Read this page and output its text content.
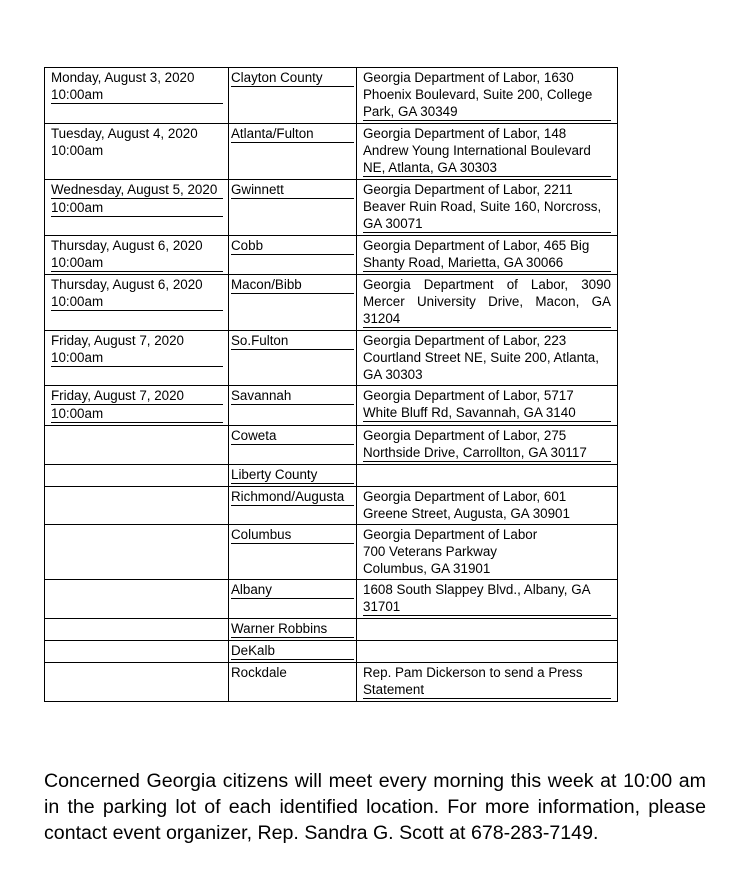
Monday, August 3, 2020

10:00am	Clayton County	Georgia Department of Labor, 1630 Phoenix Boulevard, Suite 200, College Park, GA 30349

Tuesday, August 4, 2020
10:00am	Atlanta/Fulton	Georgia Department of Labor, 148 Andrew Young International Boulevard NE, Atlanta, GA 30303

Wednesday, August 5, 2020
10:00am	Gwinnett	Georgia Department of Labor, 2211 Beaver Ruin Road, Suite 160, Norcross, GA 30071

Thursday, August 6, 2020

10:00am	Cobb	Georgia Department of Labor, 465 Big Shanty Road, Marietta, GA 30066

Thursday, August 6, 2020

10:00am	Macon/Bibb	Georgia Department of Labor, 3090 Mercer University Drive, Macon, GA 31204

Friday, August 7, 2020

10:00am	So.Fulton	Georgia Department of Labor, 223 Courtland Street NE, Suite 200, Atlanta, GA 30303

Friday, August 7, 2020
10:00am	Savannah	Georgia Department of Labor, 5717 White Bluff Rd, Savannah, GA 3140

	Coweta	Georgia Department of Labor, 275 Northside Drive, Carrollton, GA 30117

	Liberty County	

	Richmond/Augusta	Georgia Department of Labor, 601 Greene Street, Augusta, GA 30901

	Columbus	Georgia Department of Labor
700 Veterans Parkway
Columbus, GA 31901

	Albany	1608 South Slappey Blvd., Albany, GA 31701

	Warner Robbins	

	DeKalb	

	Rockdale	Rep. Pam Dickerson to send a Press Statement

Concerned Georgia citizens will meet every morning this week at 10:00 am in the parking lot of each identified location. For more information, please contact event organizer, Rep. Sandra G. Scott at 678-283-7149.
